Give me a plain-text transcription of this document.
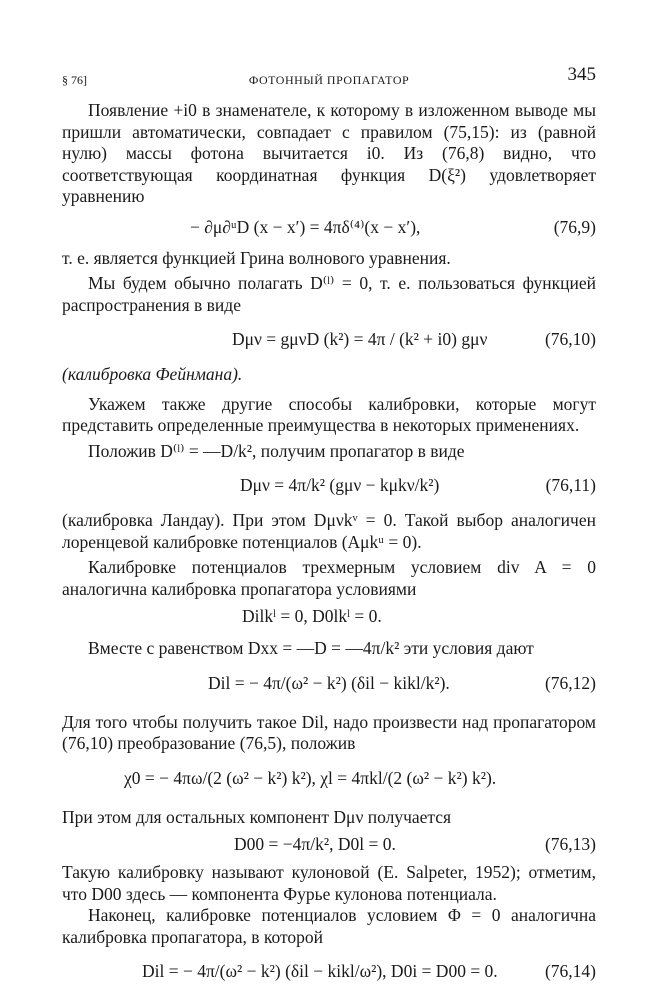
§ 76]	ФОТОННЫЙ ПРОПАГАТОР	345

Появление +i0 в знаменателе, к которому в изложенном выводе мы пришли автоматически, совпадает с правилом (75,15): из (равной нулю) массы фотона вычитается i0. Из (76,8) видно, что соответствующая координатная функция D(ξ²) удовлетворяет уравнению

− ∂μ∂ᵘD (x − x′) = 4πδ⁽⁴⁾(x − x′),	(76,9)

т. е. является функцией Грина волнового уравнения.

Мы будем обычно полагать D⁽ˡ⁾ = 0, т. е. пользоваться функцией распространения в виде

Dμν = gμνD (k²) = 4π / (k² + i0) gμν	(76,10)

(калибровка Фейнмана).

Укажем также другие способы калибровки, которые могут представить определенные преимущества в некоторых применениях.

Положив D⁽ˡ⁾ = —D/k², получим пропагатор в виде

Dμν = 4π/k² (gμν − kμkν/k²)	(76,11)

(калибровка Ландау). При этом Dμνkᵛ = 0. Такой выбор аналогичен лоренцевой калибровке потенциалов (Aμkᵘ = 0).

Калибровке потенциалов трехмерным условием div A = 0 аналогична калибровка пропагатора условиями

Dilkˡ = 0, D0lkˡ = 0.

Вместе с равенством Dxx = —D = —4π/k² эти условия дают

Dil = − 4π/(ω² − k²) (δil − kikl/k²).	(76,12)

Для того чтобы получить такое Dil, надо произвести над пропагатором (76,10) преобразование (76,5), положив

χ0 = − 4πω/(2 (ω² − k²) k²), χl = 4πkl/(2 (ω² − k²) k²).

При этом для остальных компонент Dμν получается

D00 = −4π/k², D0l = 0.	(76,13)

Такую калибровку называют кулоновой (E. Salpeter, 1952); отметим, что D00 здесь — компонента Фурье кулонова потенциала.

Наконец, калибровке потенциалов условием Φ = 0 аналогична калибровка пропагатора, в которой

Dil = − 4π/(ω² − k²) (δil − kikl/ω²), D0i = D00 = 0.	(76,14)
